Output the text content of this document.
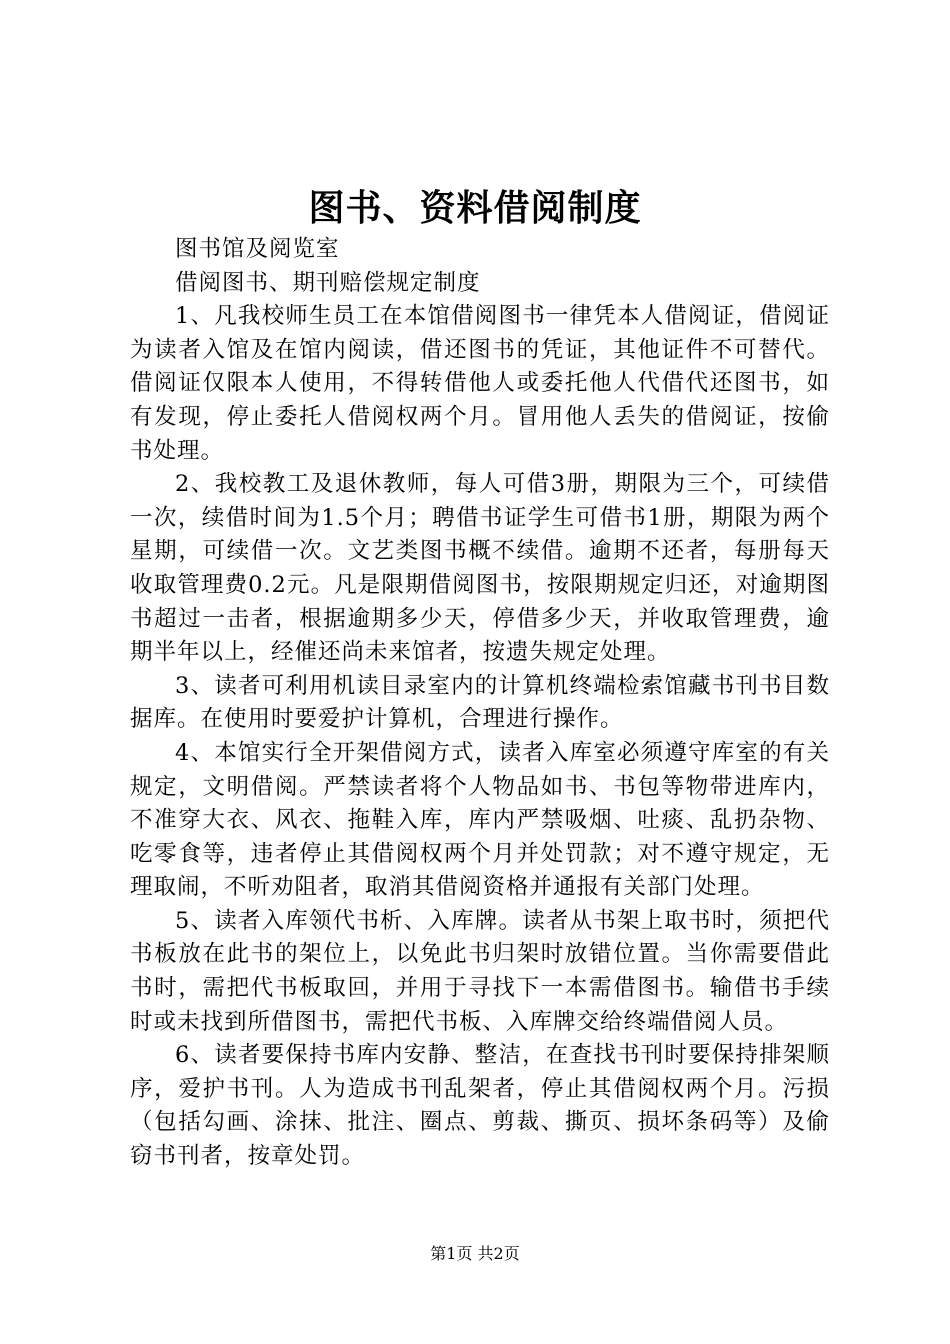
图书、资料借阅制度

图书馆及阅览室

借阅图书、期刊赔偿规定制度

1、凡我校师生员工在本馆借阅图书一律凭本人借阅证，借阅证为读者入馆及在馆内阅读，借还图书的凭证，其他证件不可替代。借阅证仅限本人使用，不得转借他人或委托他人代借代还图书，如有发现，停止委托人借阅权两个月。冒用他人丢失的借阅证，按偷书处理。

2、我校教工及退休教师，每人可借3册，期限为三个，可续借一次，续借时间为1.5个月；聘借书证学生可借书1册，期限为两个星期，可续借一次。文艺类图书概不续借。逾期不还者，每册每天收取管理费0.2元。凡是限期借阅图书，按限期规定归还，对逾期图书超过一击者，根据逾期多少天，停借多少天，并收取管理费，逾期半年以上，经催还尚未来馆者，按遗失规定处理。

3、读者可利用机读目录室内的计算机终端检索馆藏书刊书目数据库。在使用时要爱护计算机，合理进行操作。

4、本馆实行全开架借阅方式，读者入库室必须遵守库室的有关规定，文明借阅。严禁读者将个人物品如书、书包等物带进库内，不准穿大衣、风衣、拖鞋入库，库内严禁吸烟、吐痰、乱扔杂物、吃零食等，违者停止其借阅权两个月并处罚款；对不遵守规定，无理取闹，不听劝阻者，取消其借阅资格并通报有关部门处理。

5、读者入库领代书析、入库牌。读者从书架上取书时，须把代书板放在此书的架位上，以免此书归架时放错位置。当你需要借此书时，需把代书板取回，并用于寻找下一本需借图书。输借书手续时或未找到所借图书，需把代书板、入库牌交给终端借阅人员。

6、读者要保持书库内安静、整洁，在查找书刊时要保持排架顺序，爱护书刊。人为造成书刊乱架者，停止其借阅权两个月。污损（包括勾画、涂抹、批注、圈点、剪裁、撕页、损坏条码等）及偷窃书刊者，按章处罚。

第1页 共2页
